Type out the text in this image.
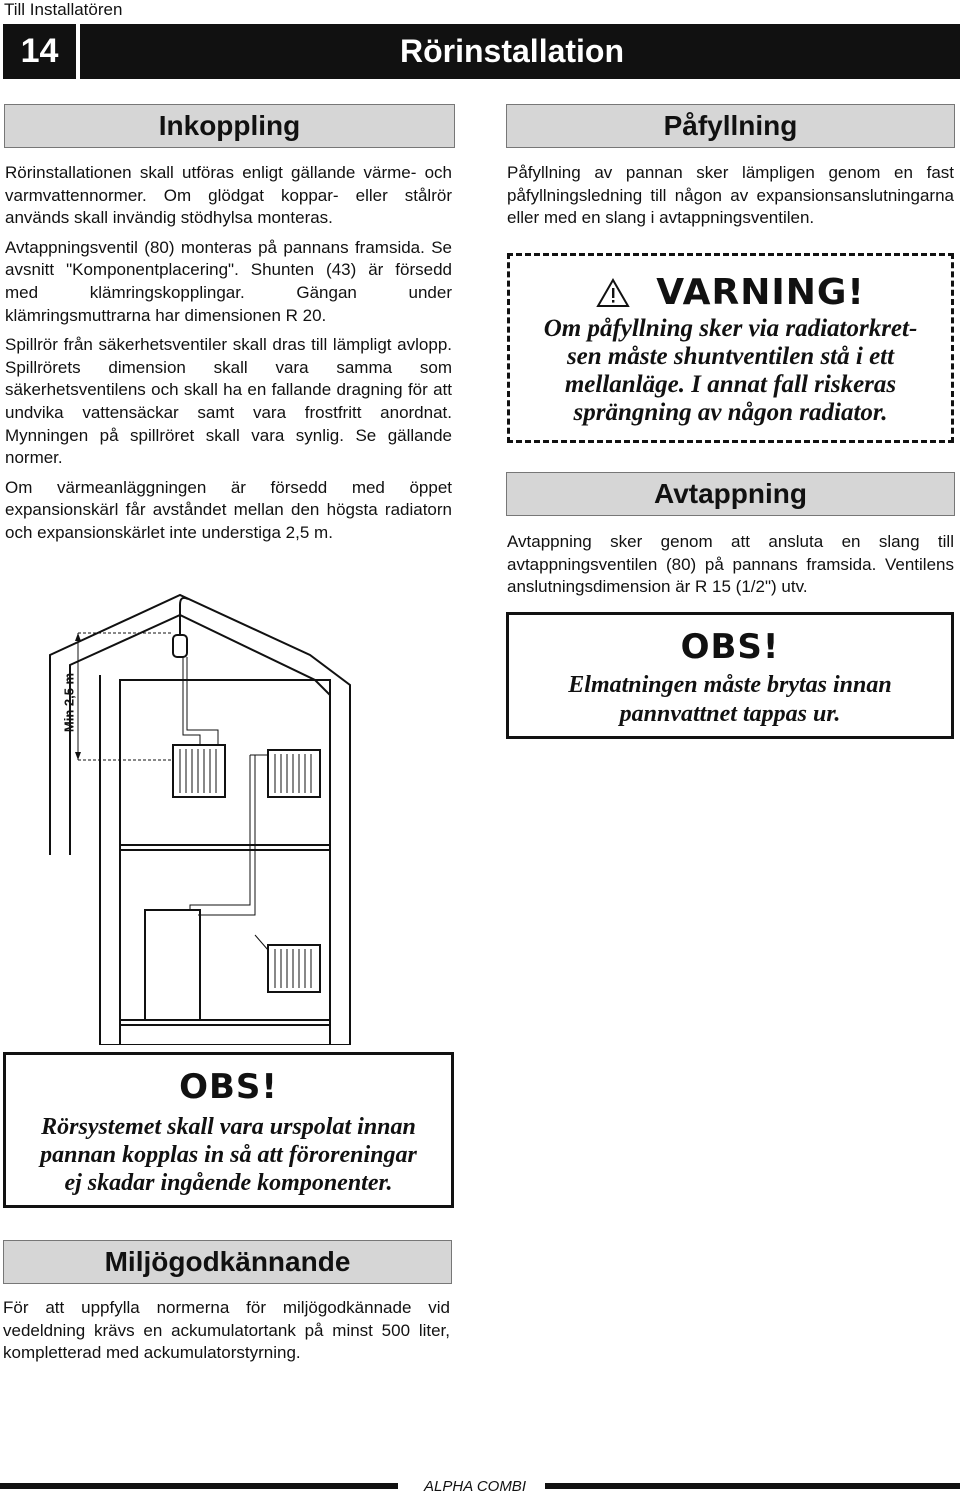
Till Installatören
14	Rörinstallation
Inkoppling

Rörinstallationen skall utföras enligt gällande värme- och varmvattennormer. Om glödgat koppar- eller stålrör används skall invändig stödhylsa monteras.

Avtappningsventil (80) monteras på pannans framsida. Se avsnitt "Komponentplacering". Shunten (43) är försedd med klämringskopplingar. Gängan under klämringsmuttrarna har dimensionen R 20.

Spillrör från säkerhetsventiler skall dras till lämpligt avlopp. Spillrörets dimension skall vara samma som säkerhetsventilens och skall ha en fallande dragning för att undvika vattensäckar samt vara frostfritt anordnat. Mynningen på spillröret skall vara synlig. Se gällande normer.

Om värmeanläggningen är försedd med öppet expansionskärl får avståndet mellan den högsta radiatorn och expansionskärlet inte understiga 2,5 m.

Min 2,5 m
Påfyllning
Påfyllning av pannan sker lämpligen genom en fast påfyllningsledning till någon av expansionsanslutningarna eller med en slang i avtappningsventilen.
VARNING!
Om påfyllning sker via radiatorkret-
sen måste shuntventilen stå i ett
mellanläge. I annat fall riskeras
sprängning av någon radiator.
Avtappning
Avtappning sker genom att ansluta en slang till avtappningsventilen (80) på pannans framsida. Ventilens anslutningsdimension är R 15 (1/2") utv.
OBS!
Elmatningen måste brytas innan
pannvattnet tappas ur.
OBS!
Rörsystemet skall vara urspolat innan
pannan kopplas in så att föroreningar
ej skadar ingående komponenter.
Miljögodkännande
För att uppfylla normerna för miljögodkännade vid vedeldning krävs en ackumulatortank på minst 500 liter, kompletterad med ackumulatorstyrning.
ALPHA COMBI
